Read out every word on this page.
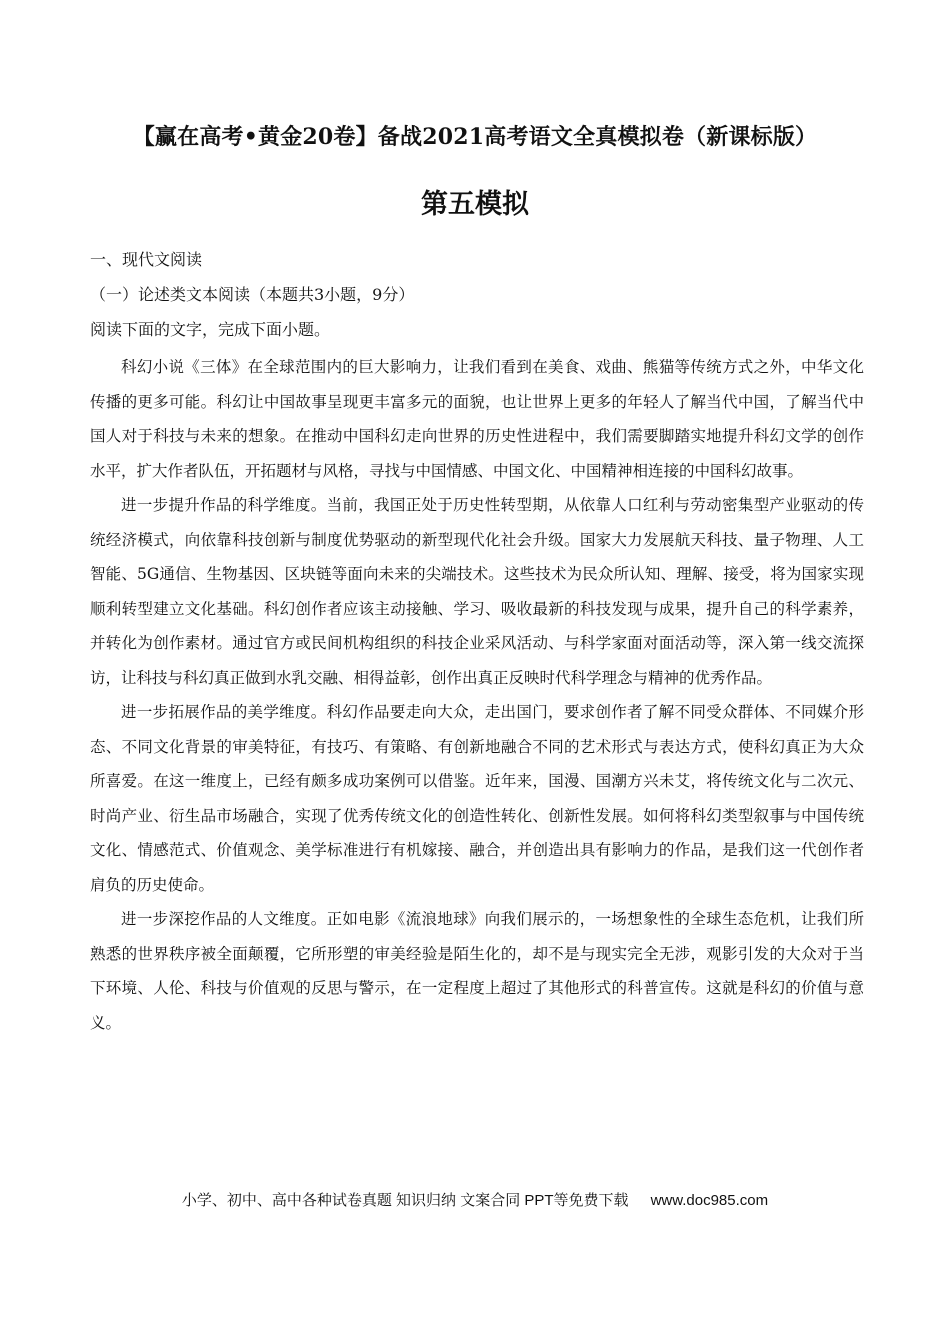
【赢在高考•黄金20卷】备战2021高考语文全真模拟卷（新课标版）
第五模拟
一、现代文阅读
（一）论述类文本阅读（本题共3小题，9分）
阅读下面的文字，完成下面小题。

科幻小说《三体》在全球范围内的巨大影响力，让我们看到在美食、戏曲、熊猫等传统方式之外，中华文化传播的更多可能。科幻让中国故事呈现更丰富多元的面貌，也让世界上更多的年轻人了解当代中国，了解当代中国人对于科技与未来的想象。在推动中国科幻走向世界的历史性进程中，我们需要脚踏实地提升科幻文学的创作水平，扩大作者队伍，开拓题材与风格，寻找与中国情感、中国文化、中国精神相连接的中国科幻故事。

进一步提升作品的科学维度。当前，我国正处于历史性转型期，从依靠人口红利与劳动密集型产业驱动的传统经济模式，向依靠科技创新与制度优势驱动的新型现代化社会升级。国家大力发展航天科技、量子物理、人工智能、5G通信、生物基因、区块链等面向未来的尖端技术。这些技术为民众所认知、理解、接受，将为国家实现顺利转型建立文化基础。科幻创作者应该主动接触、学习、吸收最新的科技发现与成果，提升自己的科学素养，并转化为创作素材。通过官方或民间机构组织的科技企业采风活动、与科学家面对面活动等，深入第一线交流探访，让科技与科幻真正做到水乳交融、相得益彰，创作出真正反映时代科学理念与精神的优秀作品。

进一步拓展作品的美学维度。科幻作品要走向大众，走出国门，要求创作者了解不同受众群体、不同媒介形态、不同文化背景的审美特征，有技巧、有策略、有创新地融合不同的艺术形式与表达方式，使科幻真正为大众所喜爱。在这一维度上，已经有颇多成功案例可以借鉴。近年来，国漫、国潮方兴未艾，将传统文化与二次元、时尚产业、衍生品市场融合，实现了优秀传统文化的创造性转化、创新性发展。如何将科幻类型叙事与中国传统文化、情感范式、价值观念、美学标准进行有机嫁接、融合，并创造出具有影响力的作品，是我们这一代创作者肩负的历史使命。

进一步深挖作品的人文维度。正如电影《流浪地球》向我们展示的，一场想象性的全球生态危机，让我们所熟悉的世界秩序被全面颠覆，它所形塑的审美经验是陌生化的，却不是与现实完全无涉，观影引发的大众对于当下环境、人伦、科技与价值观的反思与警示，在一定程度上超过了其他形式的科普宣传。这就是科幻的价值与意义。

小学、初中、高中各种试卷真题 知识归纳 文案合同 PPT等免费下载 www.doc985.com
